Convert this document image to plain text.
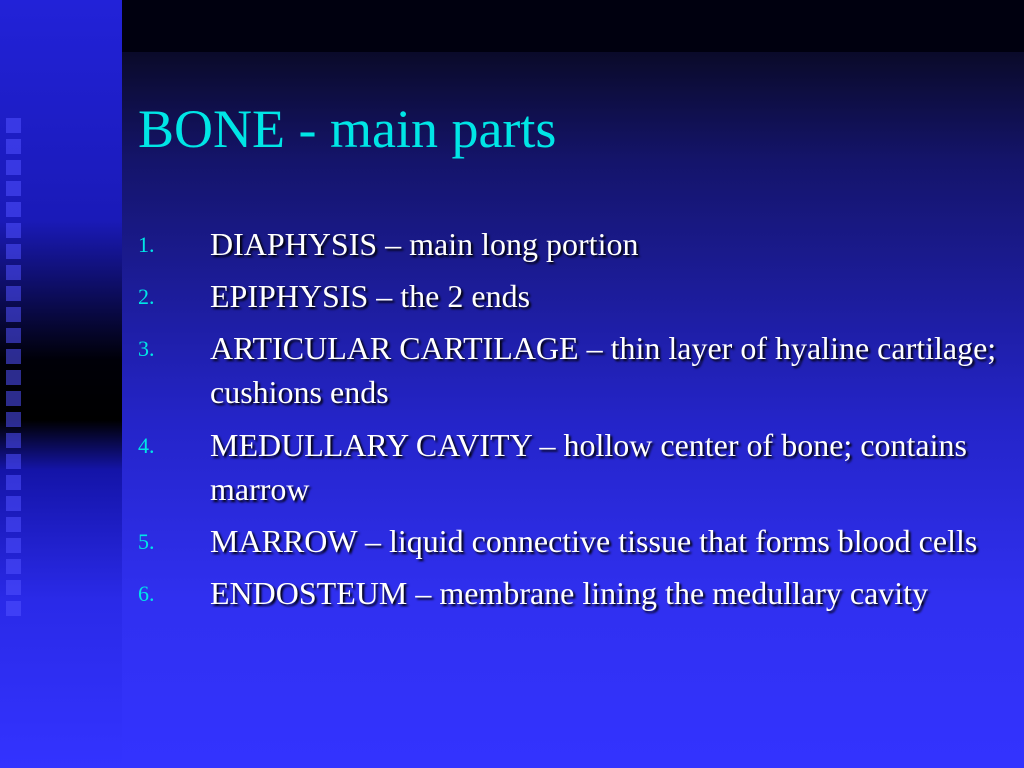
BONE - main parts
1.	DIAPHYSIS – main long portion
2.	EPIPHYSIS – the 2 ends
3.	ARTICULAR CARTILAGE – thin layer of hyaline cartilage; cushions ends
4.	MEDULLARY CAVITY – hollow center of bone; contains marrow
5.	MARROW – liquid connective tissue that forms blood cells
6.	ENDOSTEUM – membrane lining the medullary cavity
